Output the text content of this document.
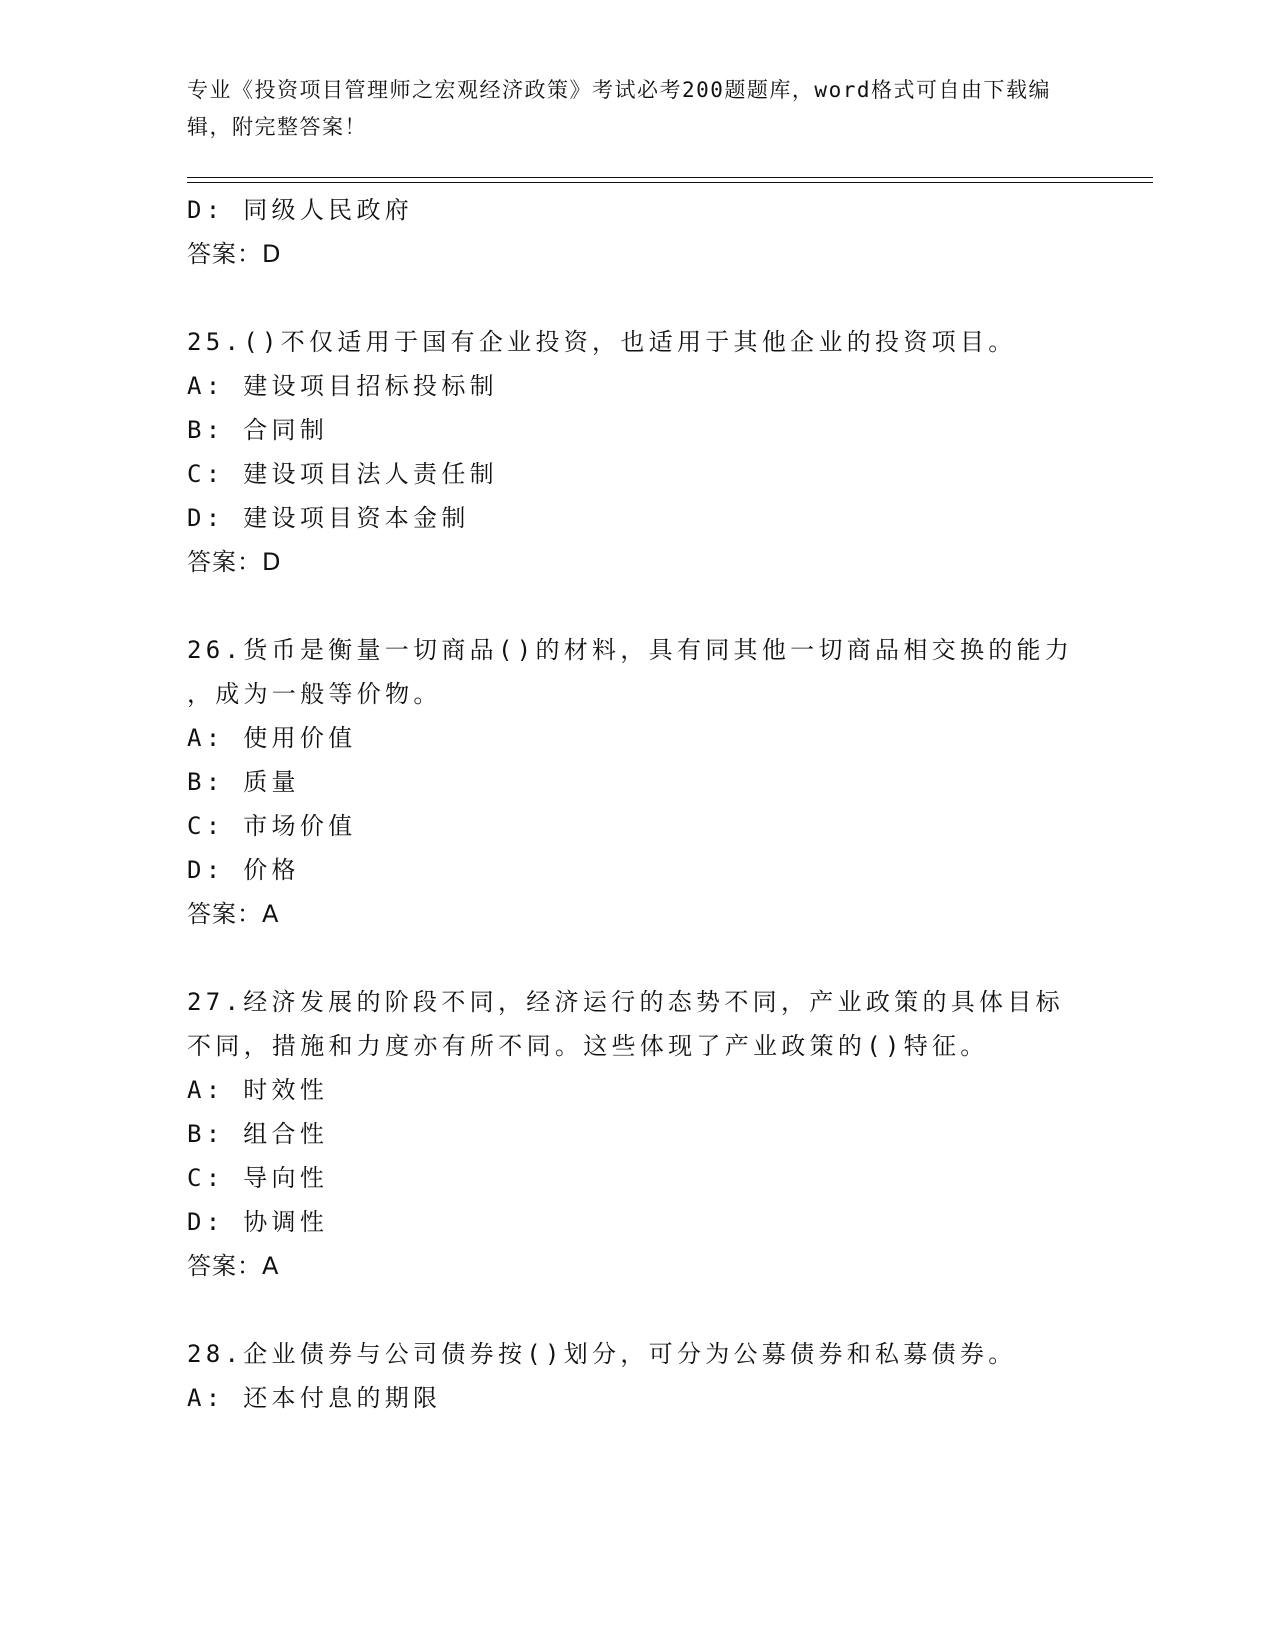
专业《投资项目管理师之宏观经济政策》考试必考200题题库，word格式可自由下载编辑，附完整答案！
D: 同级人民政府
答案：D
25.()不仅适用于国有企业投资，也适用于其他企业的投资项目。
A: 建设项目招标投标制
B: 合同制
C: 建设项目法人责任制
D: 建设项目资本金制
答案：D
26.货币是衡量一切商品()的材料，具有同其他一切商品相交换的能力
，成为一般等价物。
A: 使用价值
B: 质量
C: 市场价值
D: 价格
答案：A
27.经济发展的阶段不同，经济运行的态势不同，产业政策的具体目标
不同，措施和力度亦有所不同。这些体现了产业政策的()特征。
A: 时效性
B: 组合性
C: 导向性
D: 协调性
答案：A
28.企业债券与公司债券按()划分，可分为公募债券和私募债券。
A: 还本付息的期限
